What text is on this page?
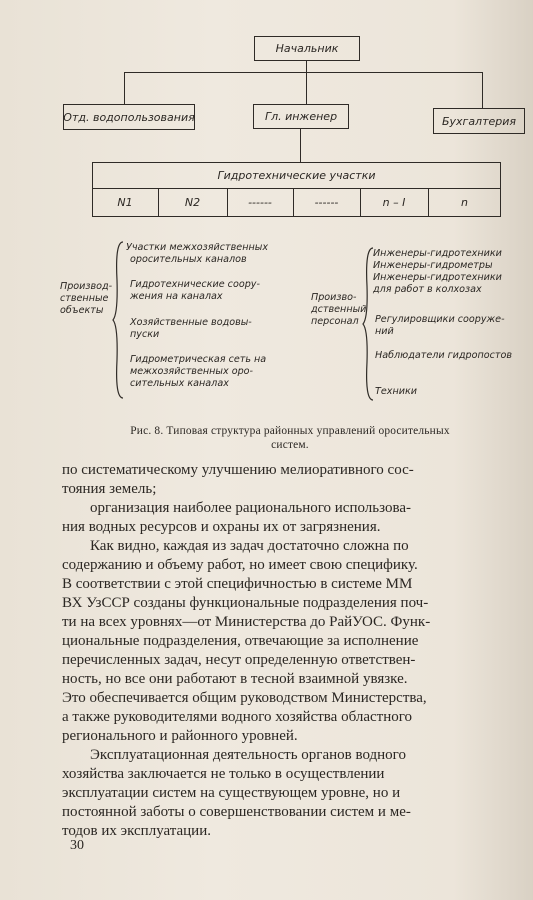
Начальник
Отд. водопользования	Гл. инженер	Бухгалтерия
Гидротехнические участки
N1	N2	------	------	n – I	n
Производ-
ственные
объекты
Участки межхозяйственных
оросительных каналов
Гидротехнические соору-
жения на каналах
Хозяйственные водовы-
пуски
Гидрометрическая сеть на
межхозяйственных оро-
сительных каналах
Произво-
дственный
персонал
Инженеры-гидротехники
Инженеры-гидрометры
Инженеры-гидротехники
для работ в колхозах
Регулировщики сооруже-
ний
Наблюдатели гидропостов
Техники
Рис. 8. Типовая структура районных управлений оросительных
систем.

по систематическому улучшению мелиоративного сос-
тояния земель;

организация наиболее рационального использова-
ния водных ресурсов и охраны их от загрязнения.

Как видно, каждая из задач достаточно сложна по
содержанию и объему работ, но имеет свою специфику.
В соответствии с этой специфичностью в системе ММ
ВХ УзССР созданы функциональные подразделения поч-
ти на всех уровнях—от Министерства до РайУОС. Функ-
циональные подразделения, отвечающие за исполнение
перечисленных задач, несут определенную ответствен-
ность, но все они работают в тесной взаимной увязке.
Это обеспечивается общим руководством Министерства,
а также руководителями водного хозяйства областного
регионального и районного уровней.

Эксплуатационная деятельность органов водного
хозяйства заключается не только в осуществлении
эксплуатации систем на существующем уровне, но и
постоянной заботы о совершенствовании систем и ме-
тодов их эксплуатации.

30
